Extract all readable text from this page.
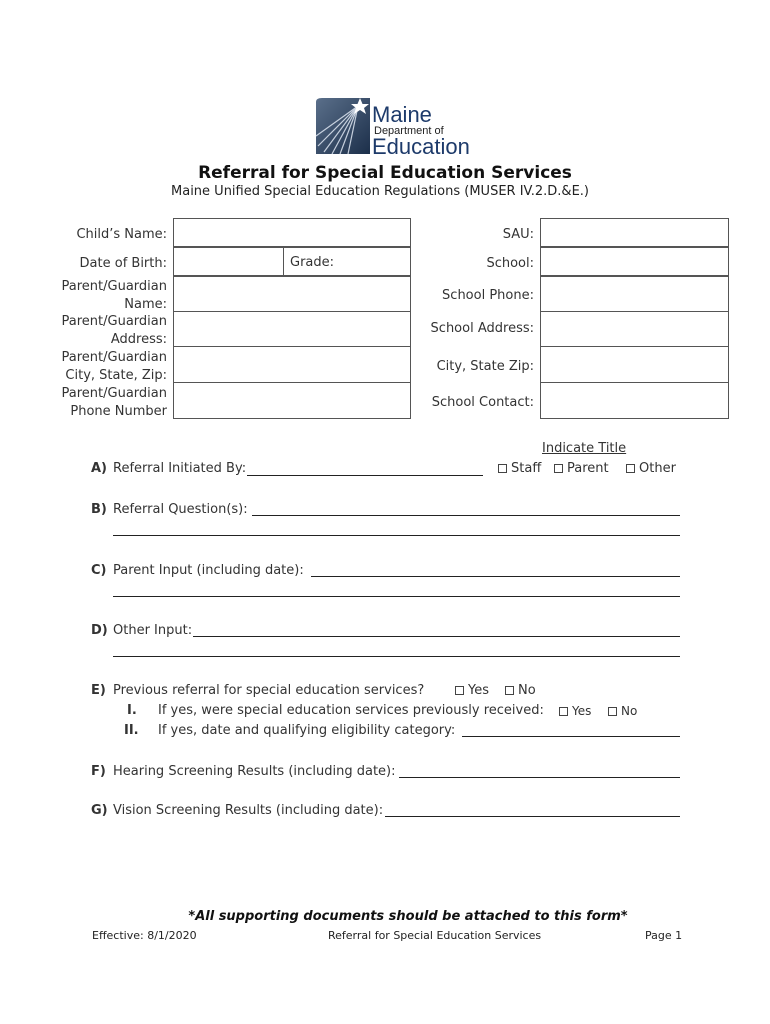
Maine
Department of
Education
Referral for Special Education Services
Maine Unified Special Education Regulations (MUSER IV.2.D.&E.)
Child’s Name:
Date of Birth:	Grade:
Parent/Guardian
Name:
Parent/Guardian
Address:
Parent/Guardian
City, State, Zip:
Parent/Guardian
Phone Number
SAU:
School:
School Phone:
School Address:
City, State Zip:
School Contact:
Indicate Title
A) Referral Initiated By:	Staff	Parent	Other
B) Referral Question(s):
C) Parent Input (including date):
D) Other Input:
E) Previous referral for special education services?	Yes	No
I. If yes, were special education services previously received:	Yes	No
II. If yes, date and qualifying eligibility category:
F) Hearing Screening Results (including date):
G) Vision Screening Results (including date):
*All supporting documents should be attached to this form*
Effective: 8/1/2020	Referral for Special Education Services	Page 1
